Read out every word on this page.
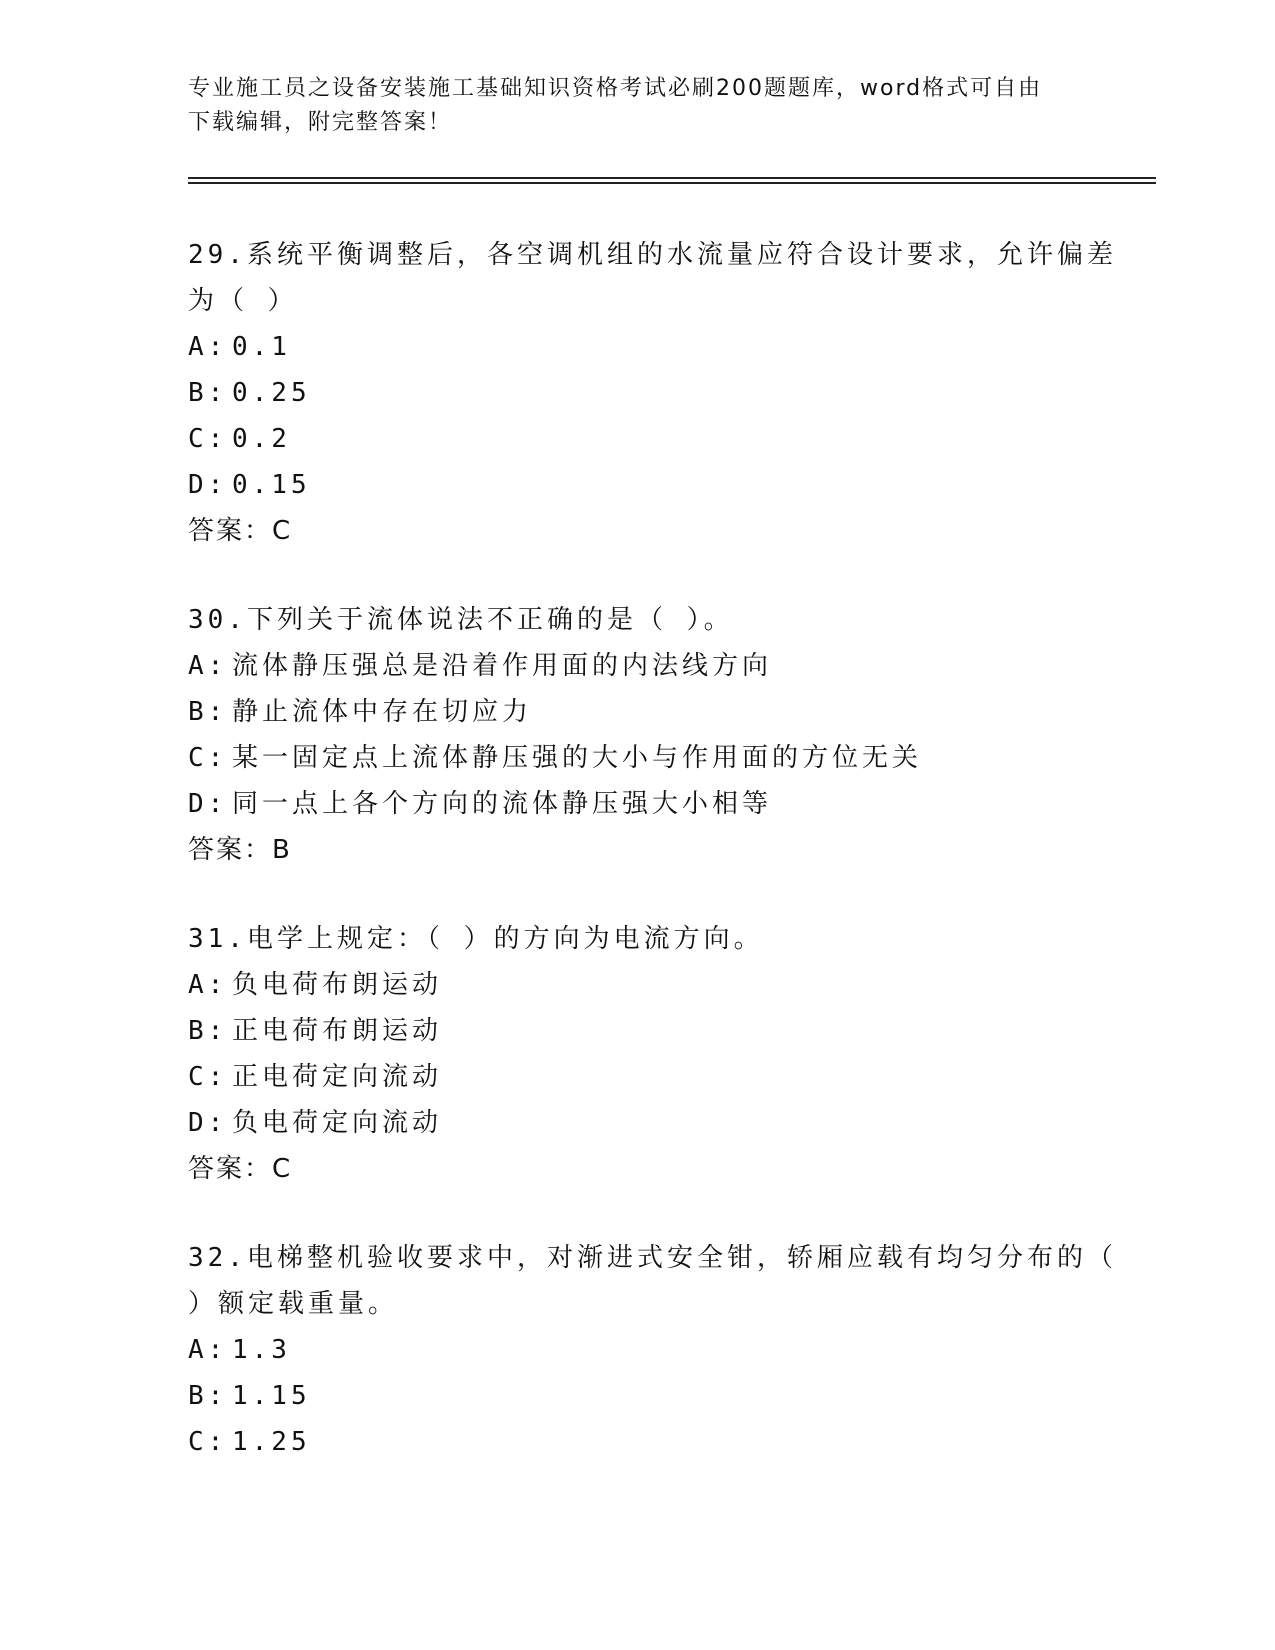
专业施工员之设备安装施工基础知识资格考试必刷200题题库，word格式可自由
下载编辑，附完整答案！
29.系统平衡调整后，各空调机组的水流量应符合设计要求，允许偏差
为（ ）
A: 0.1
B: 0.25
C: 0.2
D: 0.15
答案：C
30.下列关于流体说法不正确的是（ ）。
A: 流体静压强总是沿着作用面的内法线方向
B: 静止流体中存在切应力
C: 某一固定点上流体静压强的大小与作用面的方位无关
D: 同一点上各个方向的流体静压强大小相等
答案：B
31.电学上规定：（ ）的方向为电流方向。
A: 负电荷布朗运动
B: 正电荷布朗运动
C: 正电荷定向流动
D: 负电荷定向流动
答案：C
32.电梯整机验收要求中，对渐进式安全钳，轿厢应载有均匀分布的（
）额定载重量。
A: 1.3
B: 1.15
C: 1.25
